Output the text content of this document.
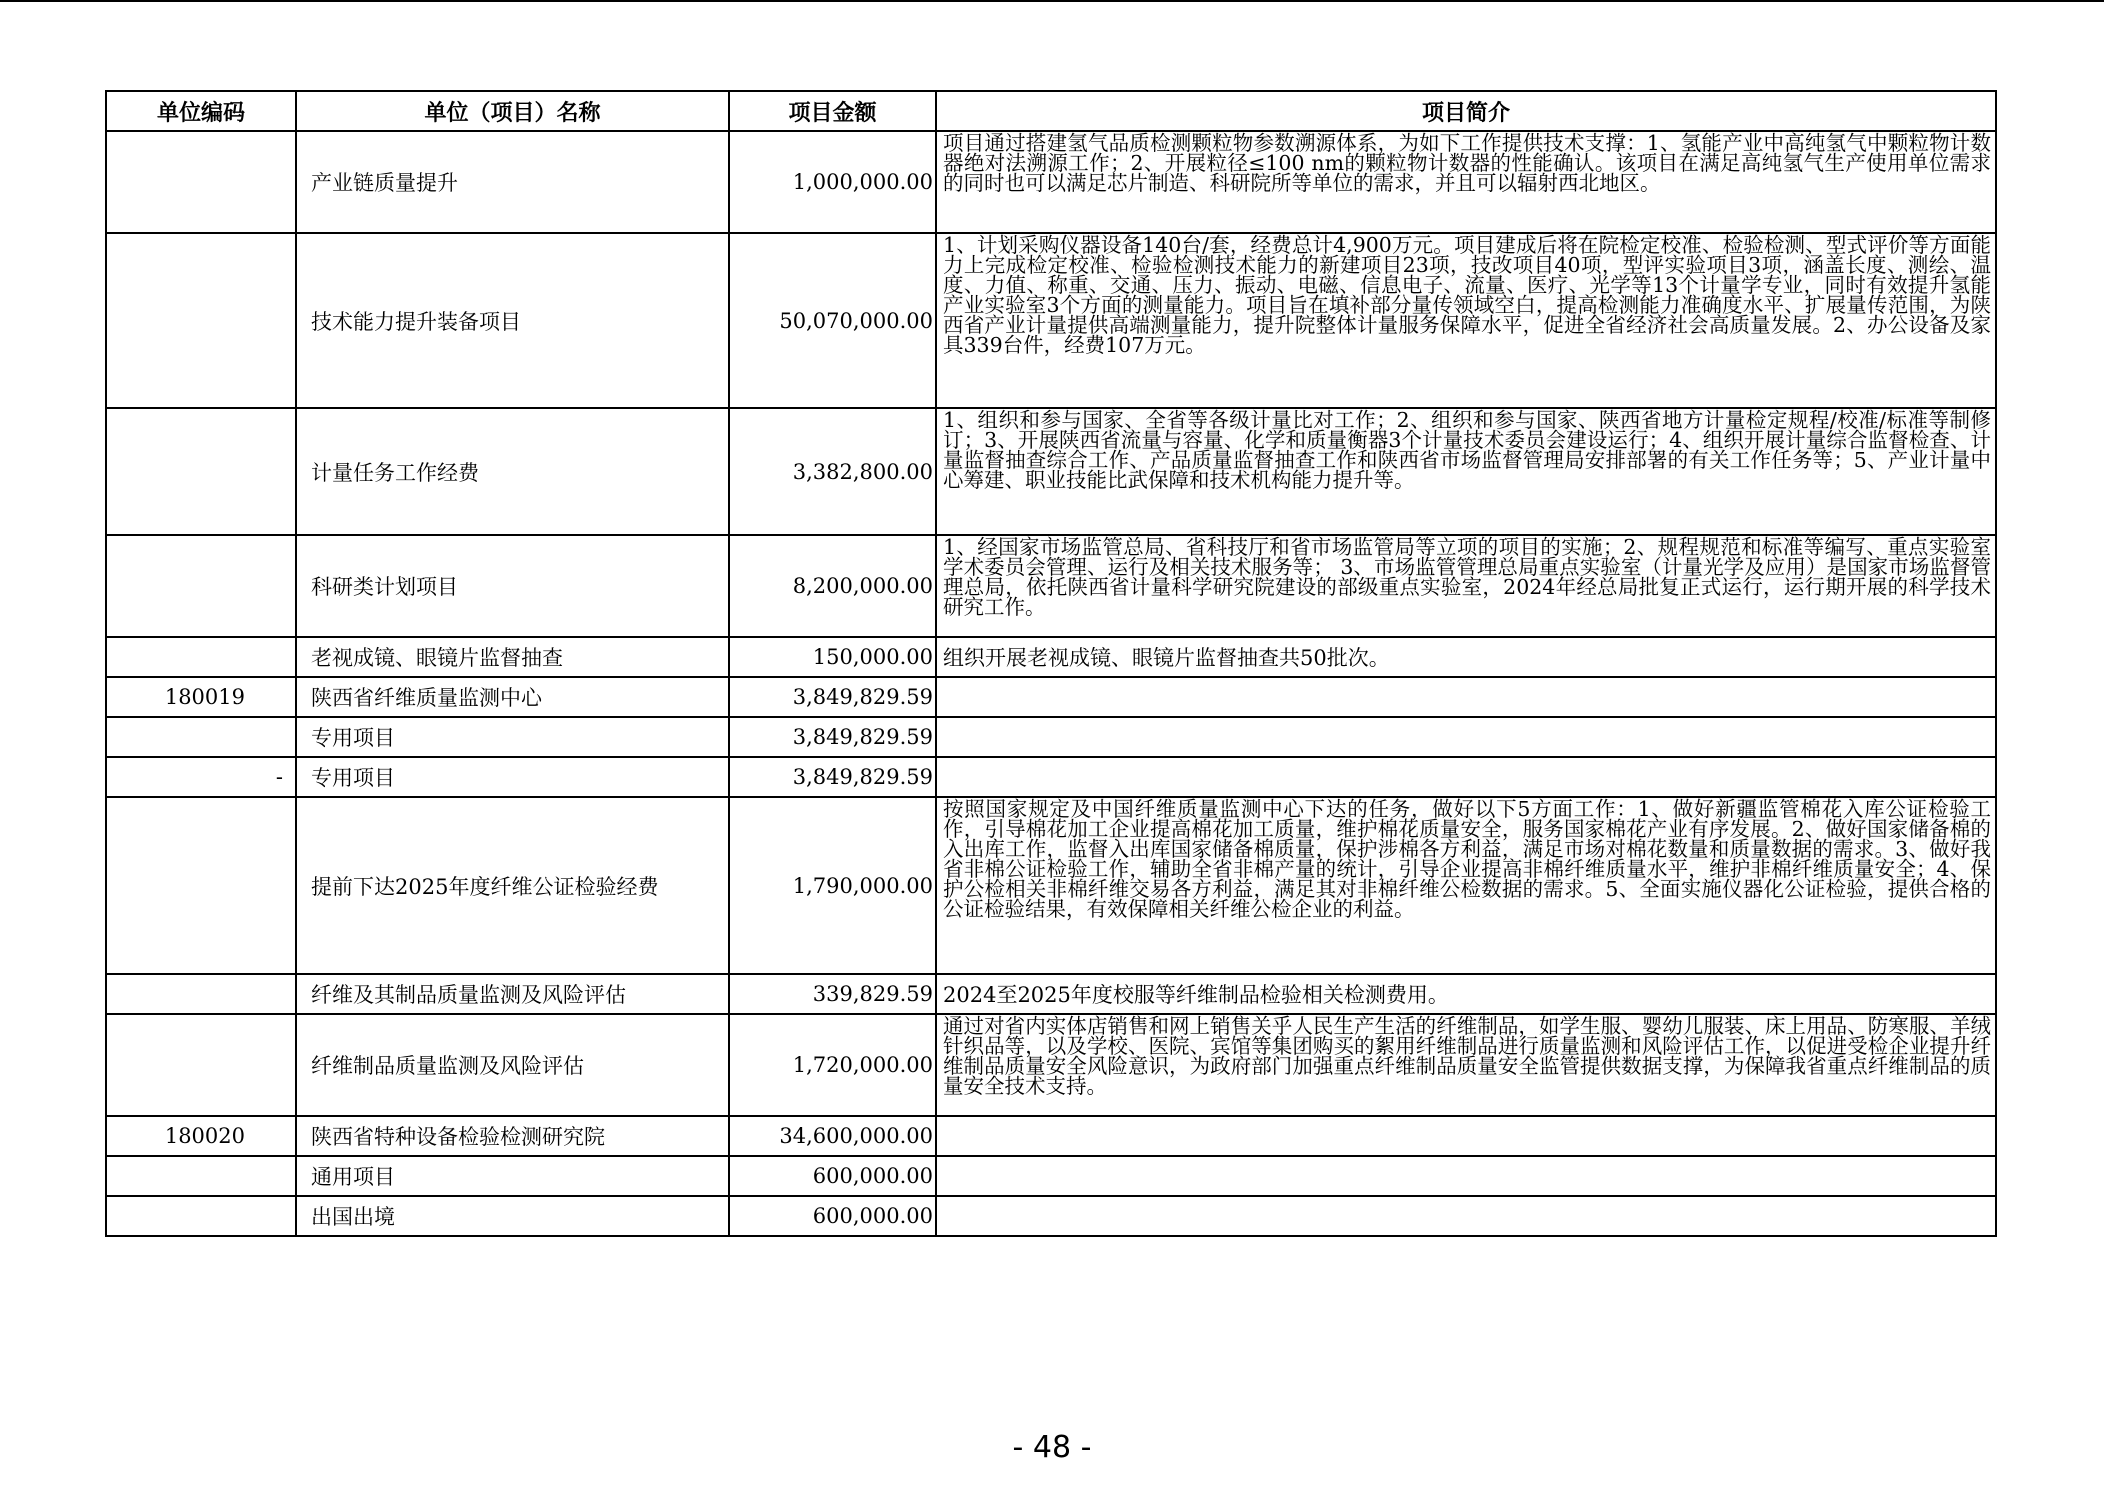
单位编码	单位（项目）名称	项目金额	项目简介
	产业链质量提升	1,000,000.00	项目通过搭建氢气品质检测颗粒物参数溯源体系，为如下工作提供技术支撑：1、氢能产业中高纯氢气中颗粒物计数器绝对法溯源工作；2、开展粒径≤100 nm的颗粒物计数器的性能确认。该项目在满足高纯氢气生产使用单位需求的同时也可以满足芯片制造、科研院所等单位的需求，并且可以辐射西北地区。
	技术能力提升装备项目	50,070,000.00	1、计划采购仪器设备140台/套，经费总计4,900万元。项目建成后将在院检定校准、检验检测、型式评价等方面能力上完成检定校准、检验检测技术能力的新建项目23项，技改项目40项，型评实验项目3项，涵盖长度、测绘、温度、力值、称重、交通、压力、振动、电磁、信息电子、流量、医疗、光学等13个计量学专业，同时有效提升氢能产业实验室3个方面的测量能力。项目旨在填补部分量传领域空白，提高检测能力准确度水平、扩展量传范围，为陕西省产业计量提供高端测量能力，提升院整体计量服务保障水平，促进全省经济社会高质量发展。2、办公设备及家具339台件，经费107万元。
	计量任务工作经费	3,382,800.00	1、组织和参与国家、全省等各级计量比对工作；2、组织和参与国家、陕西省地方计量检定规程/校准/标准等制修订；3、开展陕西省流量与容量、化学和质量衡器3个计量技术委员会建设运行；4、组织开展计量综合监督检查、计量监督抽查综合工作、产品质量监督抽查工作和陕西省市场监督管理局安排部署的有关工作任务等；5、产业计量中心筹建、职业技能比武保障和技术机构能力提升等。
	科研类计划项目	8,200,000.00	1、经国家市场监管总局、省科技厅和省市场监管局等立项的项目的实施；2、规程规范和标准等编写、重点实验室学术委员会管理、运行及相关技术服务等； 3、市场监管管理总局重点实验室（计量光学及应用）是国家市场监督管理总局，依托陕西省计量科学研究院建设的部级重点实验室，2024年经总局批复正式运行，运行期开展的科学技术研究工作。
	老视成镜、眼镜片监督抽查	150,000.00	组织开展老视成镜、眼镜片监督抽查共50批次。
180019	陕西省纤维质量监测中心	3,849,829.59	
	专用项目	3,849,829.59	
-	专用项目	3,849,829.59	
	提前下达2025年度纤维公证检验经费	1,790,000.00	按照国家规定及中国纤维质量监测中心下达的任务，做好以下5方面工作：1、做好新疆监管棉花入库公证检验工作，引导棉花加工企业提高棉花加工质量，维护棉花质量安全，服务国家棉花产业有序发展。2、做好国家储备棉的入出库工作，监督入出库国家储备棉质量，保护涉棉各方利益，满足市场对棉花数量和质量数据的需求。3、做好我省非棉公证检验工作，辅助全省非棉产量的统计，引导企业提高非棉纤维质量水平，维护非棉纤维质量安全；4、保护公检相关非棉纤维交易各方利益，满足其对非棉纤维公检数据的需求。5、全面实施仪器化公证检验，提供合格的公证检验结果，有效保障相关纤维公检企业的利益。
	纤维及其制品质量监测及风险评估	339,829.59	2024至2025年度校服等纤维制品检验相关检测费用。
	纤维制品质量监测及风险评估	1,720,000.00	通过对省内实体店销售和网上销售关乎人民生产生活的纤维制品，如学生服、婴幼儿服装、床上用品、防寒服、羊绒针织品等，以及学校、医院、宾馆等集团购买的絮用纤维制品进行质量监测和风险评估工作，以促进受检企业提升纤维制品质量安全风险意识，为政府部门加强重点纤维制品质量安全监管提供数据支撑，为保障我省重点纤维制品的质量安全技术支持。
180020	陕西省特种设备检验检测研究院	34,600,000.00	
	通用项目	600,000.00	
	出国出境	600,000.00	
- 48 -
